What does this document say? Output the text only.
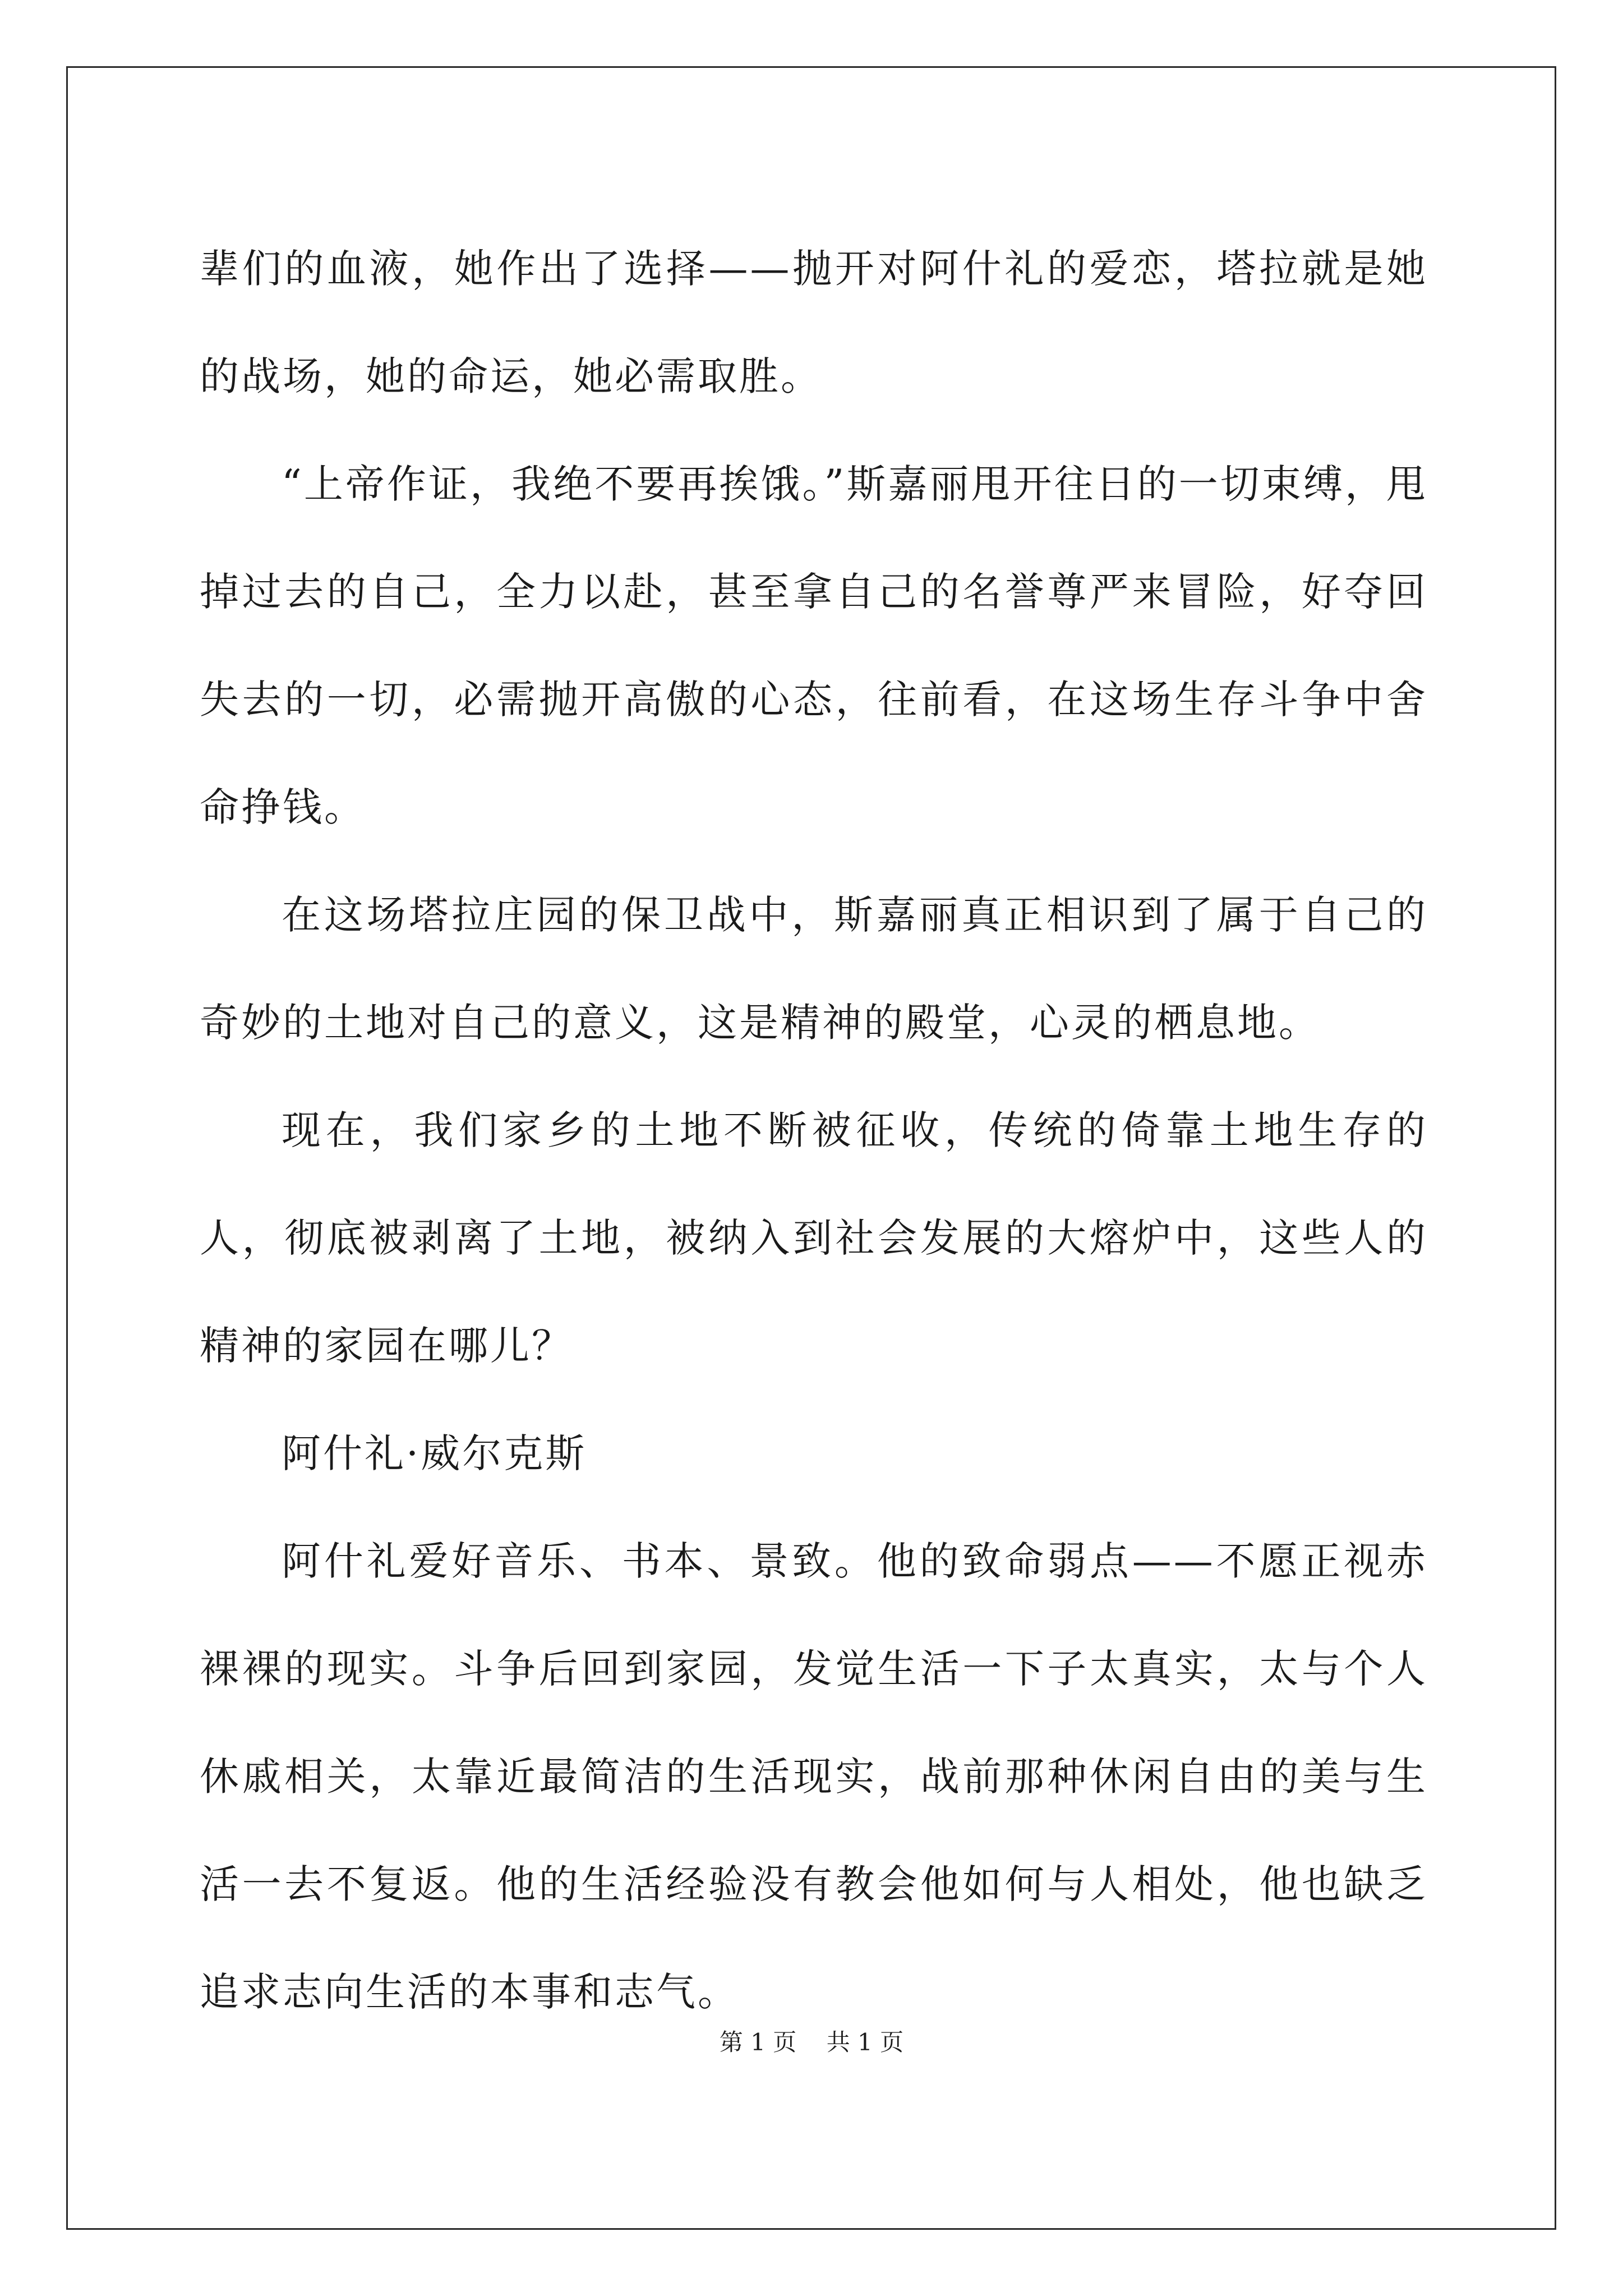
辈们的血液，她作出了选择——抛开对阿什礼的爱恋，塔拉就是她的战场，她的命运，她必需取胜。

“上帝作证，我绝不要再挨饿。”斯嘉丽甩开往日的一切束缚，甩掉过去的自己，全力以赴，甚至拿自己的名誉尊严来冒险，好夺回失去的一切，必需抛开高傲的心态，往前看，在这场生存斗争中舍命挣钱。

在这场塔拉庄园的保卫战中，斯嘉丽真正相识到了属于自己的奇妙的土地对自己的意义，这是精神的殿堂，心灵的栖息地。

现在，我们家乡的土地不断被征收，传统的倚靠土地生存的人，彻底被剥离了土地，被纳入到社会发展的大熔炉中，这些人的精神的家园在哪儿？

阿什礼·威尔克斯

阿什礼爱好音乐、书本、景致。他的致命弱点——不愿正视赤裸裸的现实。斗争后回到家园，发觉生活一下子太真实，太与个人休戚相关，太靠近最简洁的生活现实，战前那种休闲自由的美与生活一去不复返。他的生活经验没有教会他如何与人相处，他也缺乏追求志向生活的本事和志气。

第 1 页 共 1 页
